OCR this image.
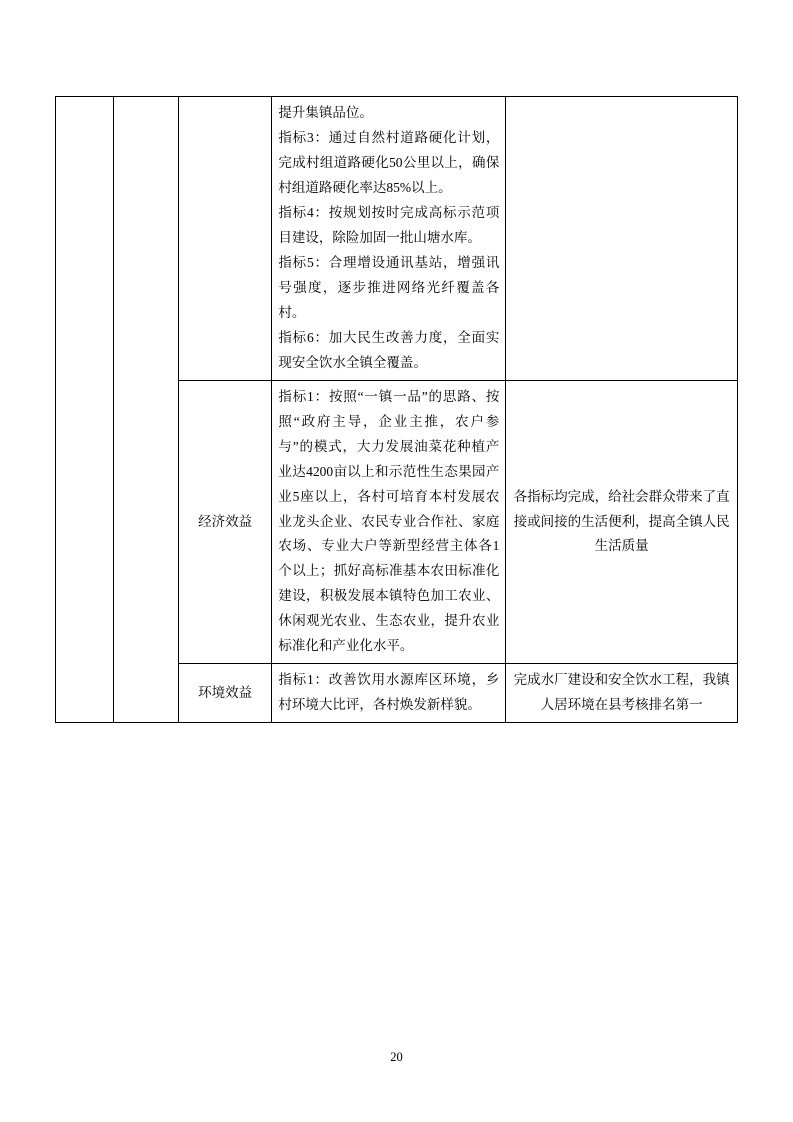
			提升集镇品位。

指标3：通过自然村道路硬化计划，完成村组道路硬化50公里以上，确保村组道路硬化率达85%以上。

指标4：按规划按时完成高标示范项目建设，除险加固一批山塘水库。

指标5：合理增设通讯基站，增强讯号强度，逐步推进网络光纤覆盖各村。

指标6：加大民生改善力度，全面实现安全饮水全镇全覆盖。	

		经济效益	指标1：按照“一镇一品”的思路、按照“政府主导，企业主推，农户参与”的模式，大力发展油菜花种植产业达4200亩以上和示范性生态果园产业5座以上，各村可培育本村发展农业龙头企业、农民专业合作社、家庭农场、专业大户等新型经营主体各1个以上；抓好高标准基本农田标准化建设，积极发展本镇特色加工农业、休闲观光农业、生态农业，提升农业标准化和产业化水平。	各指标均完成，给社会群众带来了直接或间接的生活便利，提高全镇人民生活质量
		环境效益	指标1：改善饮用水源库区环境，乡村环境大比评，各村焕发新样貌。	完成水厂建设和安全饮水工程，我镇人居环境在县考核排名第一
20
